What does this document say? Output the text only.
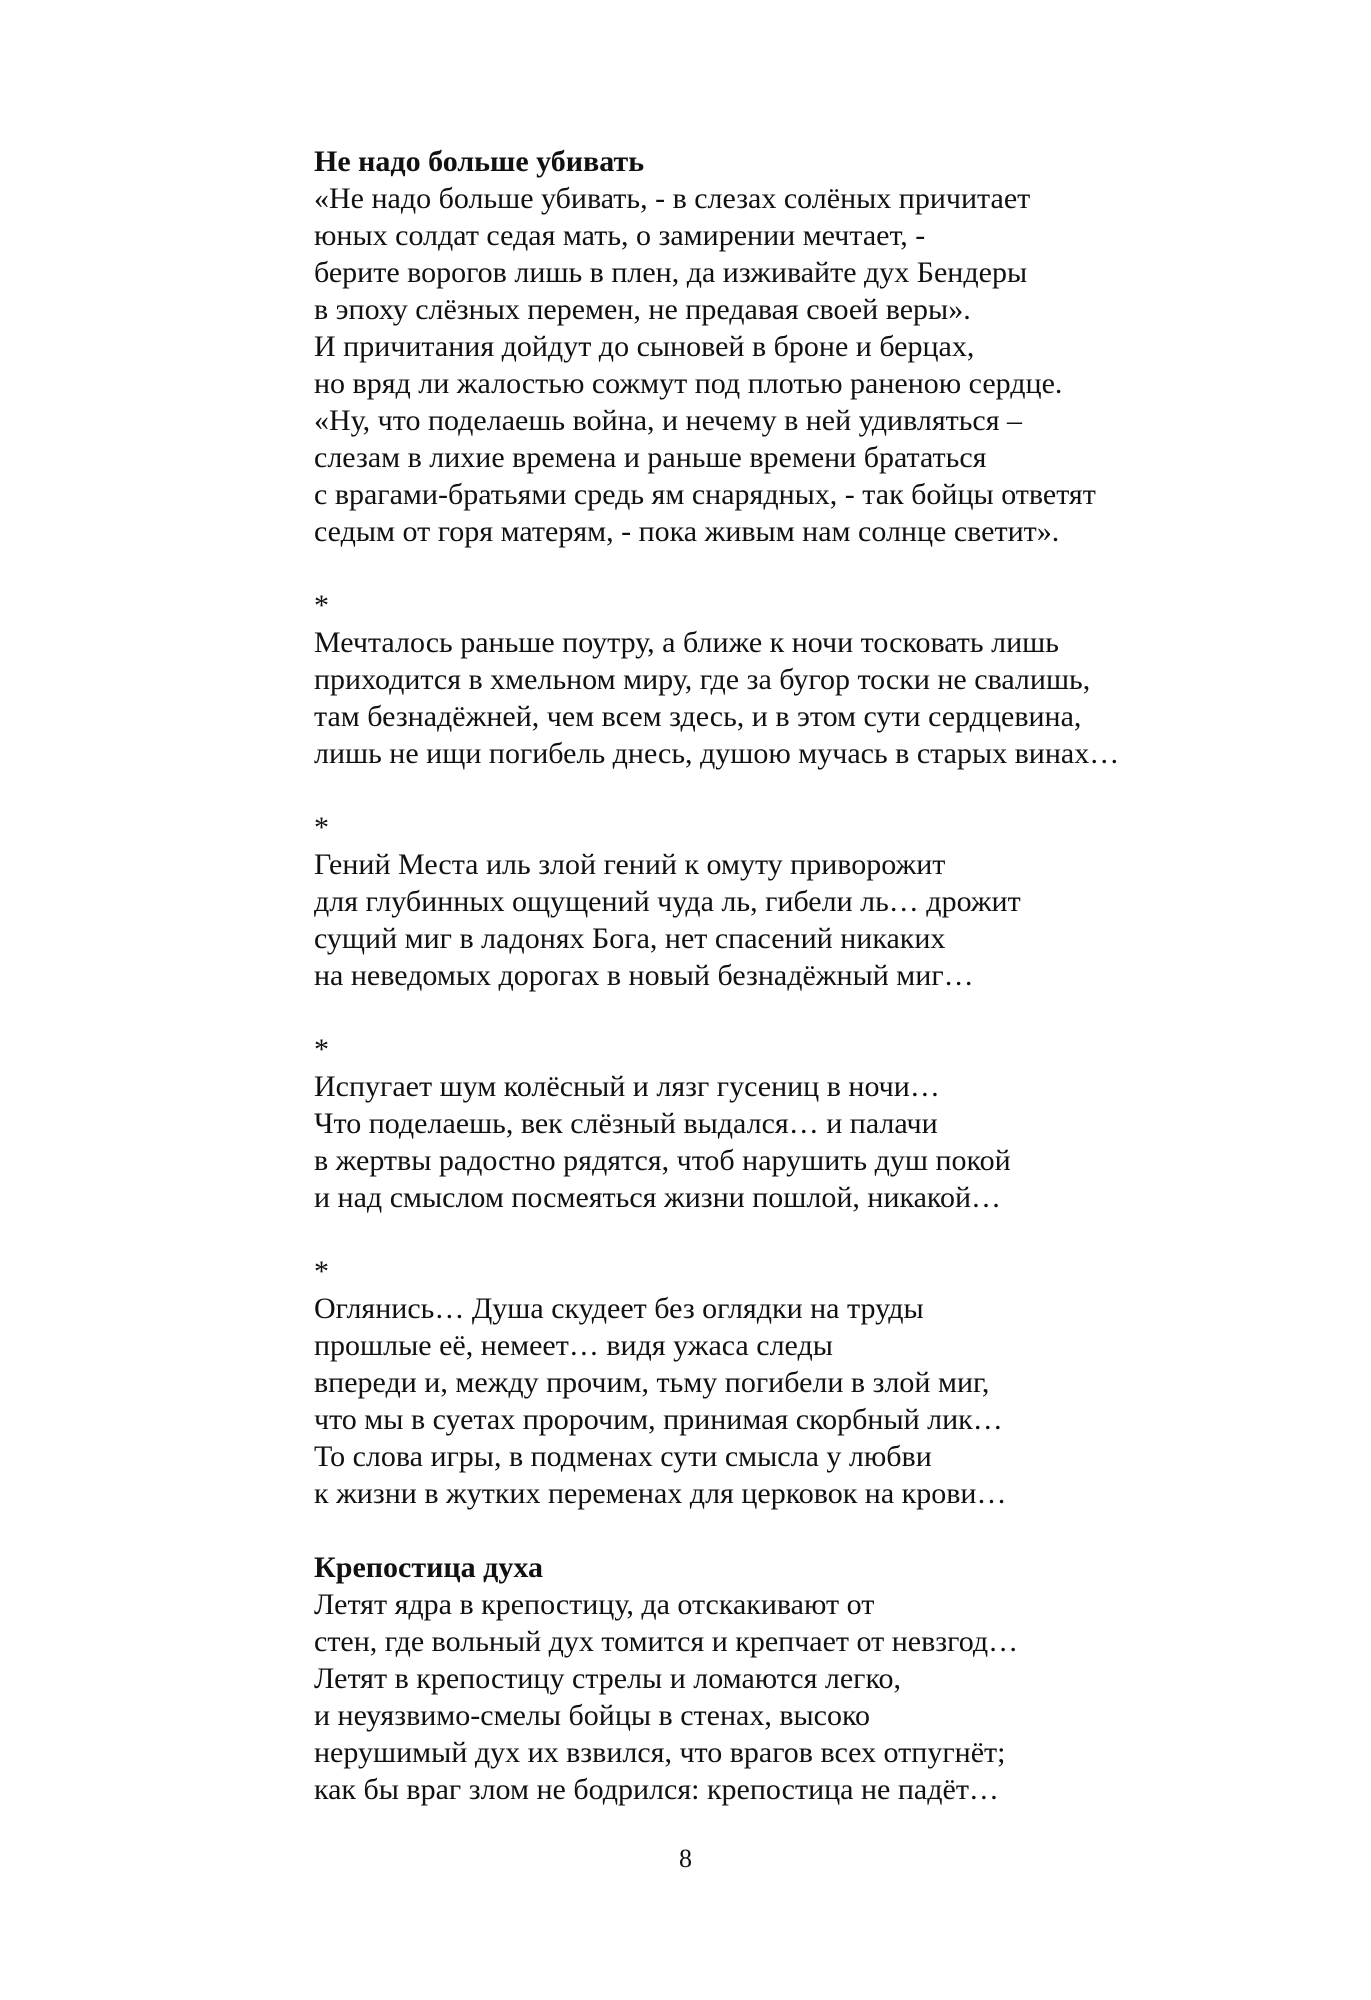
Не надо больше убивать
«Не надо больше убивать, - в слезах солёных причитает
юных солдат седая мать, о замирении мечтает, -
берите ворогов лишь в плен, да изживайте дух Бендеры
в эпоху слёзных перемен, не предавая своей веры».
И причитания дойдут до сыновей в броне и берцах,
но вряд ли жалостью сожмут под плотью раненою сердце.
«Ну, что поделаешь война, и нечему в ней удивляться –
слезам в лихие времена и раньше времени брататься
с врагами-братьями средь ям снарядных, - так бойцы ответят
седым от горя матерям, - пока живым нам солнце светит».
*
Мечталось раньше поутру, а ближе к ночи тосковать лишь
приходится в хмельном миру, где за бугор тоски не свалишь,
там безнадёжней, чем всем здесь, и в этом сути сердцевина,
лишь не ищи погибель днесь, душою мучась в старых винах…
*
Гений Места иль злой гений к омуту приворожит
для глубинных ощущений чуда ль, гибели ль… дрожит
сущий миг в ладонях Бога, нет спасений никаких
на неведомых дорогах в новый безнадёжный миг…
*
Испугает шум колёсный и лязг гусениц в ночи…
Что поделаешь, век слёзный выдался… и палачи
в жертвы радостно рядятся, чтоб нарушить душ покой
и над смыслом посмеяться жизни пошлой, никакой…
*
Оглянись… Душа скудеет без оглядки на труды
прошлые её, немеет… видя ужаса следы
впереди и, между прочим, тьму погибели в злой миг,
что мы в суетах пророчим, принимая скорбный лик…
То слова игры, в подменах сути смысла у любви
к жизни в жутких переменах для церковок на крови…
Крепостица духа
Летят ядра в крепостицу, да отскакивают от
стен, где вольный дух томится и крепчает от невзгод…
Летят в крепостицу стрелы и ломаются легко,
и неуязвимо-смелы бойцы в стенах, высоко
нерушимый дух их взвился, что врагов всех отпугнёт;
как бы враг злом не бодрился: крепостица не падёт…
8
